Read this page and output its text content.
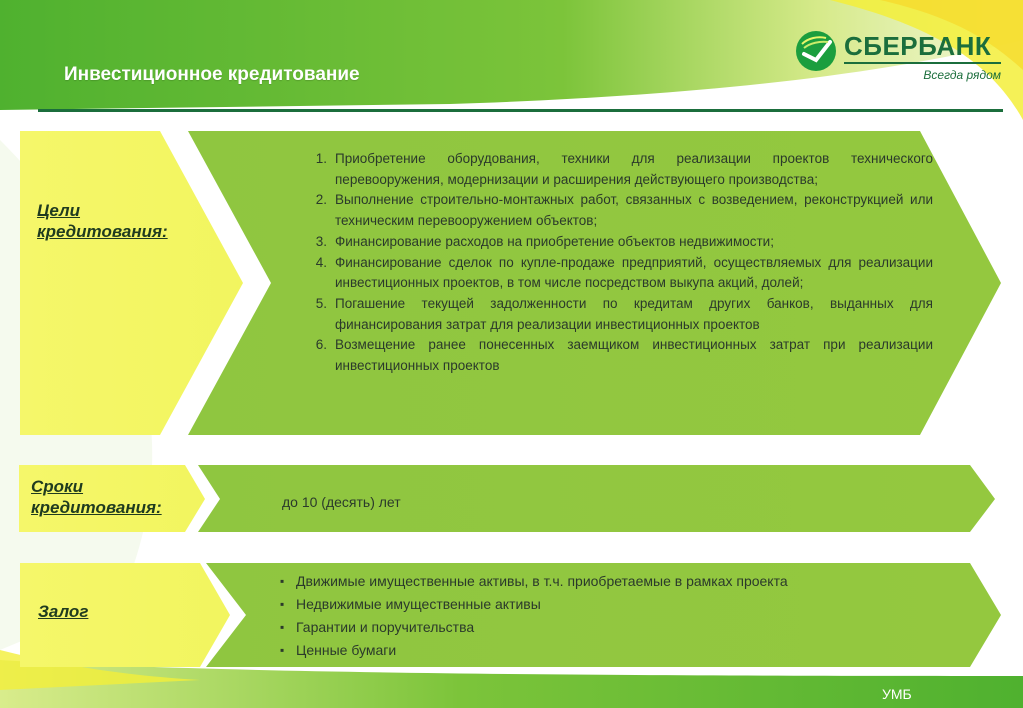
Инвестиционное кредитование
СБЕРБАНК
Всегда рядом

Цели кредитования:

Приобретение оборудования, техники для реализации проектов технического перевооружения, модернизации и расширения действующего производства;
Выполнение строительно-монтажных работ, связанных с возведением, реконструкцией или техническим перевооружением объектов;
Финансирование расходов на приобретение объектов недвижимости;
Финансирование сделок по купле-продаже предприятий, осуществляемых для реализации инвестиционных проектов, в том числе посредством выкупа акций, долей;
Погашение текущей задолженности по кредитам других банков, выданных для финансирования затрат для реализации инвестиционных проектов
Возмещение ранее понесенных заемщиком инвестиционных затрат при реализации инвестиционных проектов

Сроки кредитования:	до 10 (десять) лет

Залог

▪ Движимые имущественные активы, в т.ч. приобретаемые в рамках проекта
▪ Недвижимые имущественные активы
▪ Гарантии и поручительства
▪ Ценные бумаги
УМБ
